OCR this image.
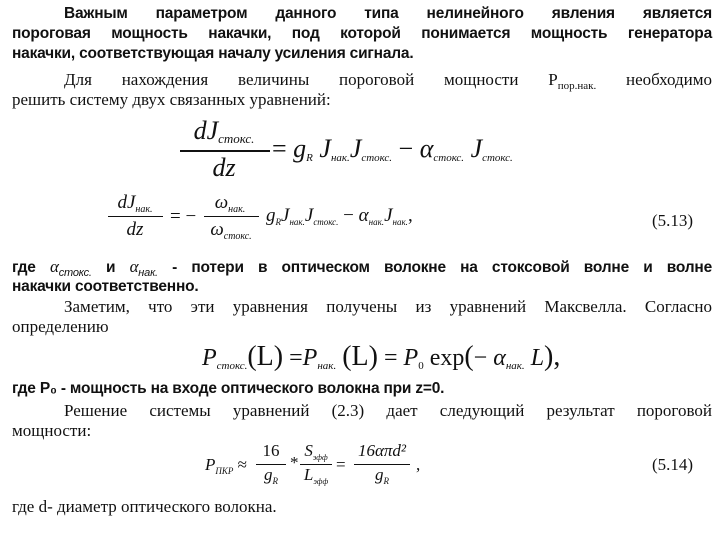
Важным параметром данного типа нелинейного явления является
пороговая мощность накачки, под которой понимается мощность генератора
накачки, соответствующая началу усиления сигнала.
Для нахождения величины пороговой мощности $P_{пор.нак.}$ необходимо
решить систему двух связанных уравнений:
$dJ_{стокс.}$
dz
= $g_R$ $J_{нак.}J_{стокс.} - \alpha_{стокс.}$ $J_{стокс.}$
$dJ_{нак.}$
dz
= −
$\omega_{нак.}$
$\omega_{стокс.}$
$g_RJ_{нак.}J_{стокс.} - \alpha_{нак.}J_{нак.}$,	(5.13)
где $\alpha_{стокс.}$ и $\alpha_{нак.}$ - потери в оптическом волокне на стоксовой волне и волне
накачки соответственно.
Заметим, что эти уравнения получены из уравнений Максвелла. Согласно
определению
$P_{стокс.}(L) =P_{нак.}$ $(L) = P_0$ $\exp(- \alpha_{нак.}$ L),
где P₀ - мощность на входе оптического волокна при z=0.
Решение системы уравнений (2.3) дает следующий результат пороговой
мощности:
$P_{ПКР}$ ≈
16
$g_R$
*
$S_{эфф}$
$L_{эфф}$
=
16απd²
$g_R$
,	(5.14)
где d- диаметр оптического волокна.
